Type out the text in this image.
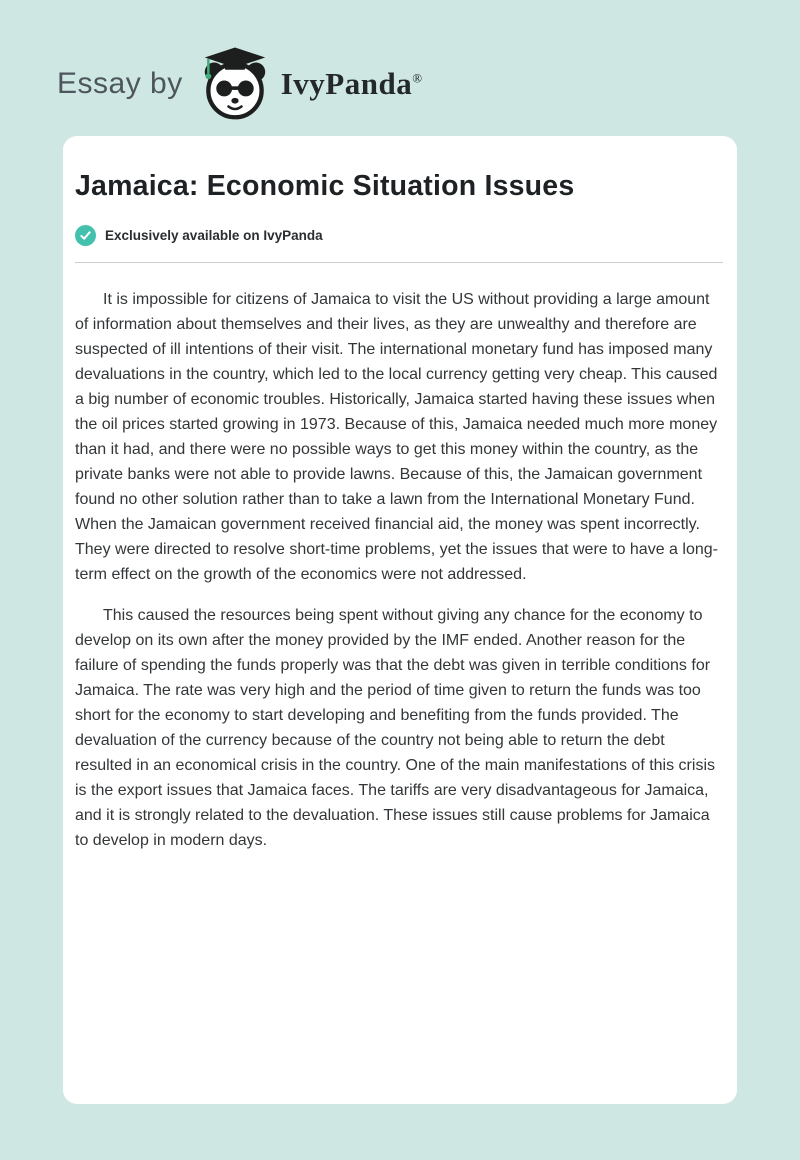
Essay by	IvyPanda®
Jamaica: Economic Situation Issues
Exclusively available on IvyPanda

It is impossible for citizens of Jamaica to visit the US without providing a large amount of information about themselves and their lives, as they are unwealthy and therefore are suspected of ill intentions of their visit. The international monetary fund has imposed many devaluations in the country, which led to the local currency getting very cheap. This caused a big number of economic troubles. Historically, Jamaica started having these issues when the oil prices started growing in 1973. Because of this, Jamaica needed much more money than it had, and there were no possible ways to get this money within the country, as the private banks were not able to provide lawns. Because of this, the Jamaican government found no other solution rather than to take a lawn from the International Monetary Fund. When the Jamaican government received financial aid, the money was spent incorrectly. They were directed to resolve short-time problems, yet the issues that were to have a long-term effect on the growth of the economics were not addressed.

This caused the resources being spent without giving any chance for the economy to develop on its own after the money provided by the IMF ended. Another reason for the failure of spending the funds properly was that the debt was given in terrible conditions for Jamaica. The rate was very high and the period of time given to return the funds was too short for the economy to start developing and benefiting from the funds provided. The devaluation of the currency because of the country not being able to return the debt resulted in an economical crisis in the country. One of the main manifestations of this crisis is the export issues that Jamaica faces. The tariffs are very disadvantageous for Jamaica, and it is strongly related to the devaluation. These issues still cause problems for Jamaica to develop in modern days.
